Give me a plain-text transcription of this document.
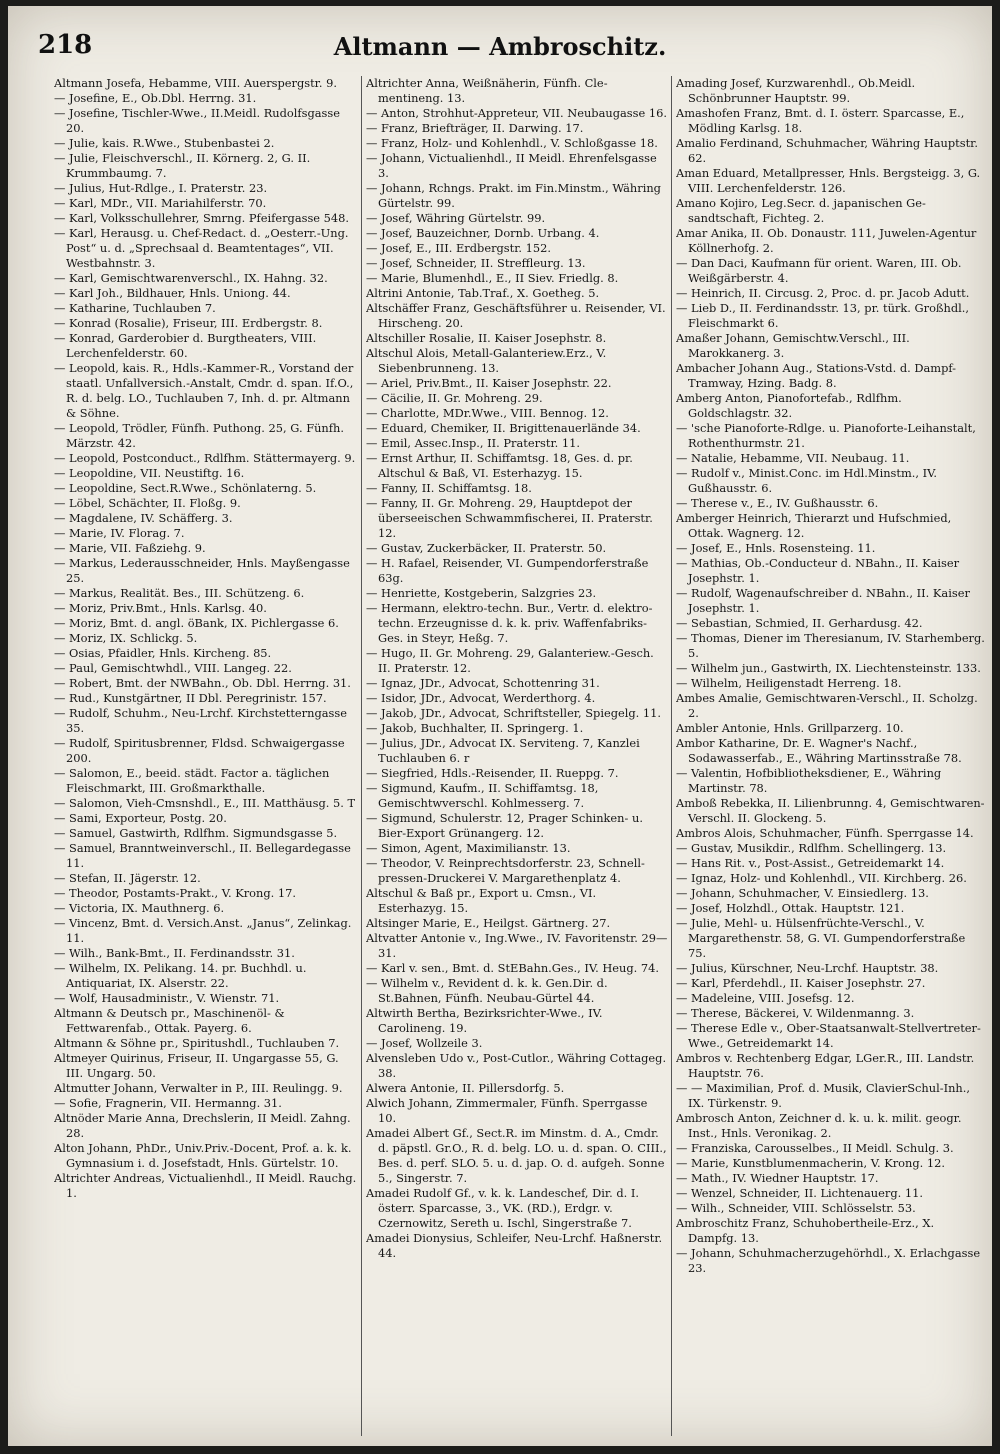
218	Altmann — Ambroschitz.

Altmann Josefa, Hebamme, VIII. Auerspergstr. 9.

— Josefine, E., Ob.Dbl. Herrng. 31.

— Josefine, Tischler-Wwe., II.Meidl. Rudolfsgasse 20.

— Julie, kais. R.Wwe., Stubenbastei 2.

— Julie, Fleischverschl., II. Körnerg. 2, G. II. Krummbaumg. 7.

— Julius, Hut-Rdlge., I. Praterstr. 23.

— Karl, MDr., VII. Mariahilferstr. 70.

— Karl, Volksschullehrer, Smrng. Pfeifergasse 548.

— Karl, Herausg. u. Chef-Redact. d. „Oesterr.-Ung. Post“ u. d. „Sprechsaal d. Beamtentages“, VII. Westbahnstr. 3.

— Karl, Gemischtwarenverschl., IX. Hahng. 32.

— Karl Joh., Bildhauer, Hnls. Uniong. 44.

— Katharine, Tuchlauben 7.

— Konrad (Rosalie), Friseur, III. Erdbergstr. 8.

— Konrad, Garderobier d. Burgtheaters, VIII. Lerchenfelderstr. 60.

— Leopold, kais. R., Hdls.-Kammer-R., Vorstand der staatl. Unfallversich.-Anstalt, Cmdr. d. span. If.O., R. d. belg. LO., Tuchlauben 7, Inh. d. pr. Altmann & Söhne.

— Leopold, Trödler, Fünfh. Puthong. 25, G. Fünfh. Märzstr. 42.

— Leopold, Postconduct., Rdlfhm. Stättermayerg. 9.

— Leopoldine, VII. Neustiftg. 16.

— Leopoldine, Sect.R.Wwe., Schönlaterng. 5.

— Löbel, Schächter, II. Floßg. 9.

— Magdalene, IV. Schäfferg. 3.

— Marie, IV. Florag. 7.

— Marie, VII. Faßziehg. 9.

— Markus, Lederausschneider, Hnls. Mayßengasse 25.

— Markus, Realität. Bes., III. Schützeng. 6.

— Moriz, Priv.Bmt., Hnls. Karlsg. 40.

— Moriz, Bmt. d. angl. öBank, IX. Pichlergasse 6.

— Moriz, IX. Schlickg. 5.

— Osias, Pfaidler, Hnls. Kircheng. 85.

— Paul, Gemischtwhdl., VIII. Langeg. 22.

— Robert, Bmt. der NWBahn., Ob. Dbl. Herrng. 31.

— Rud., Kunstgärtner, II Dbl. Peregrinistr. 157.

— Rudolf, Schuhm., Neu-Lrchf. Kirchstetterngasse 35.

— Rudolf, Spiritusbrenner, Fldsd. Schwaigergasse 200.

— Salomon, E., beeid. städt. Factor a. täglichen Fleischmarkt, III. Großmarkthalle.

— Salomon, Vieh-Cmsnshdl., E., III. Matthäusg. 5. T

— Sami, Exporteur, Postg. 20.

— Samuel, Gastwirth, Rdlfhm. Sigmundsgasse 5.

— Samuel, Branntweinverschl., II. Bellegardegasse 11.

— Stefan, II. Jägerstr. 12.

— Theodor, Postamts-Prakt., V. Krong. 17.

— Victoria, IX. Mauthnerg. 6.

— Vincenz, Bmt. d. Versich.Anst. „Janus“, Zelinkag. 11.

— Wilh., Bank-Bmt., II. Ferdinandsstr. 31.

— Wilhelm, IX. Pelikang. 14. pr. Buchhdl. u. Antiquariat, IX. Alserstr. 22.

— Wolf, Hausadministr., V. Wienstr. 71.

Altmann & Deutsch pr., Maschinenöl- & Fettwarenfab., Ottak. Payerg. 6.

Altmann & Söhne pr., Spiritushdl., Tuchlauben 7.

Altmeyer Quirinus, Friseur, II. Ungargasse 55, G. III. Ungarg. 50.

Altmutter Johann, Verwalter in P., III. Reulingg. 9.

— Sofie, Fragnerin, VII. Hermanng. 31.

Altnöder Marie Anna, Drechslerin, II Meidl. Zahng. 28.

Alton Johann, PhDr., Univ.Priv.-Docent, Prof. a. k. k. Gymnasium i. d. Josefstadt, Hnls. Gürtelstr. 10.

Altrichter Andreas, Victualienhdl., II Meidl. Rauchg. 1.

Altrichter Anna, Weißnäherin, Fünfh. Clementineng. 13.

— Anton, Strohhut-Appreteur, VII. Neubaugasse 16.

— Franz, Briefträger, II. Darwing. 17.

— Franz, Holz- und Kohlenhdl., V. Schloßgasse 18.

— Johann, Victualienhdl., II Meidl. Ehrenfelsgasse 3.

— Johann, Rchngs. Prakt. im Fin.Minstm., Währing Gürtelstr. 99.

— Josef, Währing Gürtelstr. 99.

— Josef, Bauzeichner, Dornb. Urbang. 4.

— Josef, E., III. Erdbergstr. 152.

— Josef, Schneider, II. Streffleurg. 13.

— Marie, Blumenhdl., E., II Siev. Friedlg. 8.

Altrini Antonie, Tab.Traf., X. Goetheg. 5.

Altschäffer Franz, Geschäftsführer u. Reisender, VI. Hirscheng. 20.

Altschiller Rosalie, II. Kaiser Josephstr. 8.

Altschul Alois, Metall-Galanteriew.Erz., V. Siebenbrunneng. 13.

— Ariel, Priv.Bmt., II. Kaiser Josephstr. 22.

— Cäcilie, II. Gr. Mohreng. 29.

— Charlotte, MDr.Wwe., VIII. Bennog. 12.

— Eduard, Chemiker, II. Brigittenauerlände 34.

— Emil, Assec.Insp., II. Praterstr. 11.

— Ernst Arthur, II. Schiffamtsg. 18, Ges. d. pr. Altschul & Baß, VI. Esterhazyg. 15.

— Fanny, II. Schiffamtsg. 18.

— Fanny, II. Gr. Mohreng. 29, Hauptdepot der überseeischen Schwammfischerei, II. Praterstr. 12.

— Gustav, Zuckerbäcker, II. Praterstr. 50.

— H. Rafael, Reisender, VI. Gumpendorferstraße 63g.

— Henriette, Kostgeberin, Salzgries 23.

— Hermann, elektro-techn. Bur., Vertr. d. elektro-techn. Erzeugnisse d. k. k. priv. Waffenfabriks-Ges. in Steyr, Heßg. 7.

— Hugo, II. Gr. Mohreng. 29, Galanteriew.-Gesch. II. Praterstr. 12.

— Ignaz, JDr., Advocat, Schottenring 31.

— Isidor, JDr., Advocat, Werderthorg. 4.

— Jakob, JDr., Advocat, Schriftsteller, Spiegelg. 11.

— Jakob, Buchhalter, II. Springerg. 1.

— Julius, JDr., Advocat IX. Serviteng. 7, Kanzlei Tuchlauben 6. r

— Siegfried, Hdls.-Reisender, II. Rueppg. 7.

— Sigmund, Kaufm., II. Schiffamtsg. 18, Gemischtwverschl. Kohlmesserg. 7.

— Sigmund, Schulerstr. 12, Prager Schinken- u. Bier-Export Grünangerg. 12.

— Simon, Agent, Maximilianstr. 13.

— Theodor, V. Reinprechtsdorferstr. 23, Schnellpressen-Druckerei V. Margarethenplatz 4.

Altschul & Baß pr., Export u. Cmsn., VI. Esterhazyg. 15.

Altsinger Marie, E., Heilgst. Gärtnerg. 27.

Altvatter Antonie v., Ing.Wwe., IV. Favoritenstr. 29—31.

— Karl v. sen., Bmt. d. StEBahn.Ges., IV. Heug. 74.

— Wilhelm v., Revident d. k. k. Gen.Dir. d. St.Bahnen, Fünfh. Neubau-Gürtel 44.

Altwirth Bertha, Bezirksrichter-Wwe., IV. Carolineng. 19.

— Josef, Wollzeile 3.

Alvensleben Udo v., Post-Cutlor., Währing Cottageg. 38.

Alwera Antonie, II. Pillersdorfg. 5.

Alwich Johann, Zimmermaler, Fünfh. Sperrgasse 10.

Amadei Albert Gf., Sect.R. im Minstm. d. A., Cmdr. d. päpstl. Gr.O., R. d. belg. LO. u. d. span. O. CIII., Bes. d. perf. SLO. 5. u. d. jap. O. d. aufgeh. Sonne 5., Singerstr. 7.

Amadei Rudolf Gf., v. k. k. Landeschef, Dir. d. I. österr. Sparcasse, 3., VK. (RD.), Erdgr. v. Czernowitz, Sereth u. Ischl, Singerstraße 7.

Amadei Dionysius, Schleifer, Neu-Lrchf. Haßnerstr. 44.

Amading Josef, Kurzwarenhdl., Ob.Meidl. Schönbrunner Hauptstr. 99.

Amashofen Franz, Bmt. d. I. österr. Sparcasse, E., Mödling Karlsg. 18.

Amalio Ferdinand, Schuhmacher, Währing Hauptstr. 62.

Aman Eduard, Metallpresser, Hnls. Bergsteigg. 3, G. VIII. Lerchenfelderstr. 126.

Amano Kojiro, Leg.Secr. d. japanischen Gesandtschaft, Fichteg. 2.

Amar Anika, II. Ob. Donaustr. 111, Juwelen-Agentur Köllnerhofg. 2.

— Dan Daci, Kaufmann für orient. Waren, III. Ob. Weißgärberstr. 4.

— Heinrich, II. Circusg. 2, Proc. d. pr. Jacob Adutt.

— Lieb D., II. Ferdinandsstr. 13, pr. türk. Großhdl., Fleischmarkt 6.

Amaßer Johann, Gemischtw.Verschl., III. Marokkanerg. 3.

Ambacher Johann Aug., Stations-Vstd. d. Dampf-Tramway, Hzing. Badg. 8.

Amberg Anton, Pianofortefab., Rdlfhm. Goldschlagstr. 32.

— 'sche Pianoforte-Rdlge. u. Pianoforte-Leihanstalt, Rothenthurmstr. 21.

— Natalie, Hebamme, VII. Neubaug. 11.

— Rudolf v., Minist.Conc. im Hdl.Minstm., IV. Gußhausstr. 6.

— Therese v., E., IV. Gußhausstr. 6.

Amberger Heinrich, Thierarzt und Hufschmied, Ottak. Wagnerg. 12.

— Josef, E., Hnls. Rosensteing. 11.

— Mathias, Ob.-Conducteur d. NBahn., II. Kaiser Josephstr. 1.

— Rudolf, Wagenaufschreiber d. NBahn., II. Kaiser Josephstr. 1.

— Sebastian, Schmied, II. Gerhardusg. 42.

— Thomas, Diener im Theresianum, IV. Starhemberg. 5.

— Wilhelm jun., Gastwirth, IX. Liechtensteinstr. 133.

— Wilhelm, Heiligenstadt Herreng. 18.

Ambes Amalie, Gemischtwaren-Verschl., II. Scholzg. 2.

Ambler Antonie, Hnls. Grillparzerg. 10.

Ambor Katharine, Dr. E. Wagner's Nachf., Sodawasserfab., E., Währing Martinsstraße 78.

— Valentin, Hofbibliotheksdiener, E., Währing Martinstr. 78.

Amboß Rebekka, II. Lilienbrunng. 4, Gemischtwaren-Verschl. II. Glockeng. 5.

Ambros Alois, Schuhmacher, Fünfh. Sperrgasse 14.

— Gustav, Musikdir., Rdlfhm. Schellingerg. 13.

— Hans Rit. v., Post-Assist., Getreidemarkt 14.

— Ignaz, Holz- und Kohlenhdl., VII. Kirchberg. 26.

— Johann, Schuhmacher, V. Einsiedlerg. 13.

— Josef, Holzhdl., Ottak. Hauptstr. 121.

— Julie, Mehl- u. Hülsenfrüchte-Verschl., V. Margarethenstr. 58, G. VI. Gumpendorferstraße 75.

— Julius, Kürschner, Neu-Lrchf. Hauptstr. 38.

— Karl, Pferdehdl., II. Kaiser Josephstr. 27.

— Madeleine, VIII. Josefsg. 12.

— Therese, Bäckerei, V. Wildenmanng. 3.

— Therese Edle v., Ober-Staatsanwalt-Stellvertreter-Wwe., Getreidemarkt 14.

Ambros v. Rechtenberg Edgar, LGer.R., III. Landstr. Hauptstr. 76.

— — Maximilian, Prof. d. Musik, ClavierSchul-Inh., IX. Türkenstr. 9.

Ambrosch Anton, Zeichner d. k. u. k. milit. geogr. Inst., Hnls. Veronikag. 2.

— Franziska, Carousselbes., II Meidl. Schulg. 3.

— Marie, Kunstblumenmacherin, V. Krong. 12.

— Math., IV. Wiedner Hauptstr. 17.

— Wenzel, Schneider, II. Lichtenauerg. 11.

— Wilh., Schneider, VIII. Schlösselstr. 53.

Ambroschitz Franz, Schuhobertheile-Erz., X. Dampfg. 13.

— Johann, Schuhmacherzugehörhdl., X. Erlachgasse 23.
